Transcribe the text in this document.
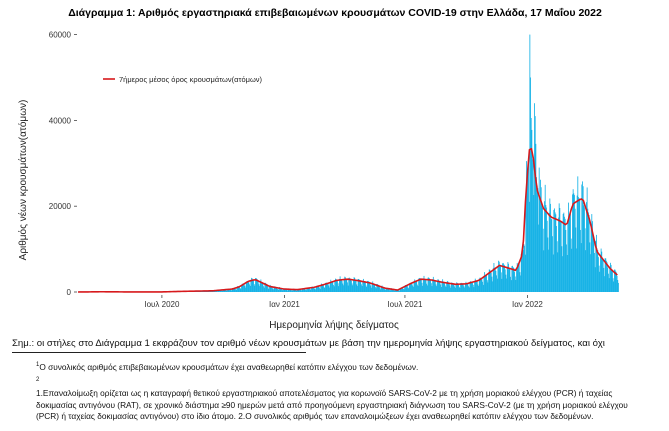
Διάγραμμα 1: Αριθμός εργαστηριακά επιβεβαιωμένων κρουσμάτων COVID-19 στην Ελλάδα, 17 Μαΐου 2022
0
20000
40000
60000
Ιουλ 2020	Ιαν 2021	Ιουλ 2021	Ιαν 2022
7ήμερος μέσος όρος κρουσμάτων(ατόμων)
Ημερομηνία λήψης δείγματος
Αριθμός νέων κρουσμάτων(ατόμων)
Σημ.: οι στήλες στο Διάγραμμα 1 εκφράζουν τον αριθμό νέων κρουσμάτων με βάση την ημερομηνία λήψης εργαστηριακού δείγματος, και όχι
$^1$Ο συνολικός αριθμός επιβεβαιωμένων κρουσμάτων έχει αναθεωρηθεί κατόπιν ελέγχου των δεδομένων.
$^2$
1.Επαναλοίμωξη ορίζεται ως η καταγραφή θετικού εργαστηριακού αποτελέσματος για κορωνοϊό SARS-CoV-2 με τη χρήση μοριακού ελέγχου (PCR) ή ταχείας
δοκιμασίας αντιγόνου (RAT), σε χρονικό διάστημα ≥90 ημερών μετά από προηγούμενη εργαστηριακή διάγνωση του SARS-CoV-2 (με τη χρήση μοριακού ελέγχου
(PCR) ή ταχείας δοκιμασίας αντιγόνου) στο ίδιο άτομο. 2.Ο συνολικός αριθμός των επαναλοιμώξεων έχει αναθεωρηθεί κατόπιν ελέγχου των δεδομένων.
